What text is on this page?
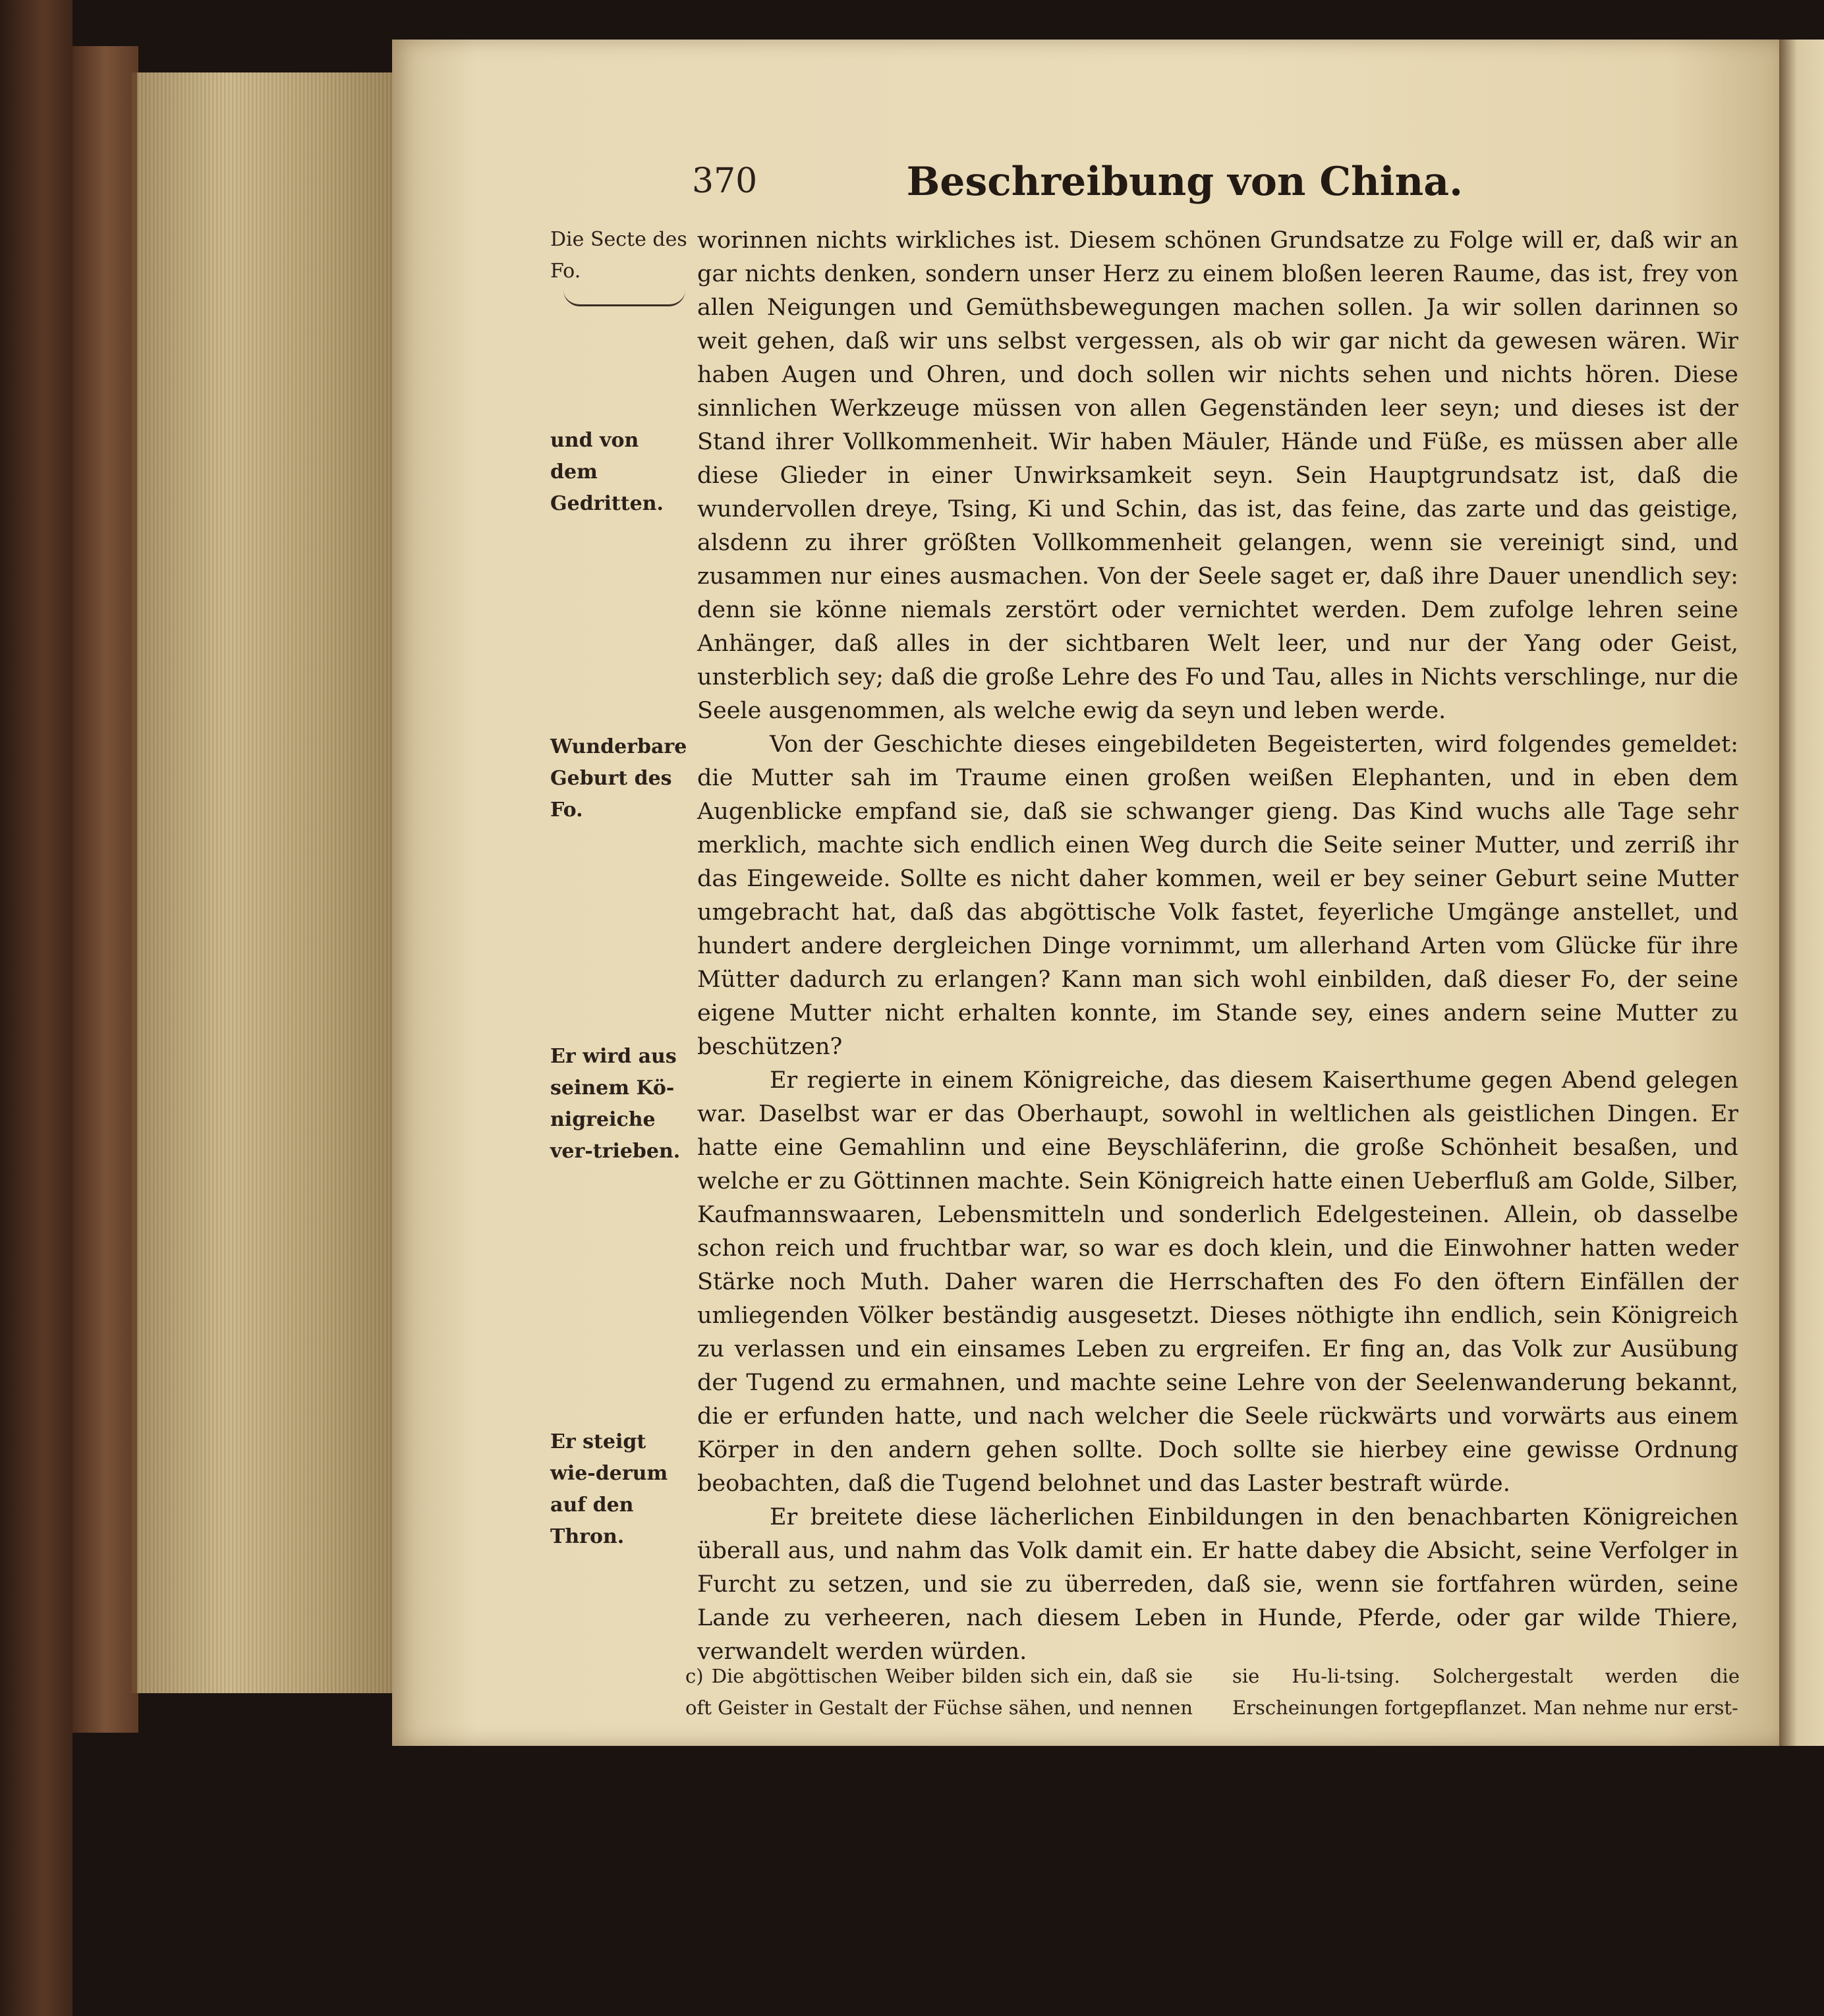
370	Beschreibung von China.
Die Secte des Fo.
und von dem Gedritten.
Wunderbare Geburt des Fo.
Er wird aus seinem Kö-nigreiche ver-trieben.
Er steigt wie-derum auf den Thron.

worinnen nichts wirkliches ist. Diesem schönen Grundsatze zu Folge will er, daß wir an gar nichts denken, sondern unser Herz zu einem bloßen leeren Raume, das ist, frey von allen Neigungen und Gemüthsbewegungen machen sollen. Ja wir sollen darinnen so weit gehen, daß wir uns selbst vergessen, als ob wir gar nicht da gewesen wären. Wir haben Augen und Ohren, und doch sollen wir nichts sehen und nichts hören. Diese sinnlichen Werkzeuge müssen von allen Gegenständen leer seyn; und dieses ist der Stand ihrer Vollkommenheit. Wir haben Mäuler, Hände und Füße, es müssen aber alle diese Glieder in einer Unwirksamkeit seyn. Sein Hauptgrundsatz ist, daß die wundervollen dreye, Tsing, Ki und Schin, das ist, das feine, das zarte und das geistige, alsdenn zu ihrer größten Vollkommenheit gelangen, wenn sie vereinigt sind, und zusammen nur eines ausmachen. Von der Seele saget er, daß ihre Dauer unendlich sey: denn sie könne niemals zerstört oder vernichtet werden. Dem zufolge lehren seine Anhänger, daß alles in der sichtbaren Welt leer, und nur der Yang oder Geist, unsterblich sey; daß die große Lehre des Fo und Tau, alles in Nichts verschlinge, nur die Seele ausgenommen, als welche ewig da seyn und leben werde.

Von der Geschichte dieses eingebildeten Begeisterten, wird folgendes gemeldet: die Mutter sah im Traume einen großen weißen Elephanten, und in eben dem Augenblicke empfand sie, daß sie schwanger gieng. Das Kind wuchs alle Tage sehr merklich, machte sich endlich einen Weg durch die Seite seiner Mutter, und zerriß ihr das Eingeweide. Sollte es nicht daher kommen, weil er bey seiner Geburt seine Mutter umgebracht hat, daß das abgöttische Volk fastet, feyerliche Umgänge anstellet, und hundert andere dergleichen Dinge vornimmt, um allerhand Arten vom Glücke für ihre Mütter dadurch zu erlangen? Kann man sich wohl einbilden, daß dieser Fo, der seine eigene Mutter nicht erhalten konnte, im Stande sey, eines andern seine Mutter zu beschützen?

Er regierte in einem Königreiche, das diesem Kaiserthume gegen Abend gelegen war. Daselbst war er das Oberhaupt, sowohl in weltlichen als geistlichen Dingen. Er hatte eine Gemahlinn und eine Beyschläferinn, die große Schönheit besaßen, und welche er zu Göttinnen machte. Sein Königreich hatte einen Ueberfluß am Golde, Silber, Kaufmannswaaren, Lebensmitteln und sonderlich Edelgesteinen. Allein, ob dasselbe schon reich und fruchtbar war, so war es doch klein, und die Einwohner hatten weder Stärke noch Muth. Daher waren die Herrschaften des Fo den öftern Einfällen der umliegenden Völker beständig ausgesetzt. Dieses nöthigte ihn endlich, sein Königreich zu verlassen und ein einsames Leben zu ergreifen. Er fing an, das Volk zur Ausübung der Tugend zu ermahnen, und machte seine Lehre von der Seelenwanderung bekannt, die er erfunden hatte, und nach welcher die Seele rückwärts und vorwärts aus einem Körper in den andern gehen sollte. Doch sollte sie hierbey eine gewisse Ordnung beobachten, daß die Tugend belohnet und das Laster bestraft würde.

Er breitete diese lächerlichen Einbildungen in den benachbarten Königreichen überall aus, und nahm das Volk damit ein. Er hatte dabey die Absicht, seine Verfolger in Furcht zu setzen, und sie zu überreden, daß sie, wenn sie fortfahren würden, seine Lande zu verheeren, nach diesem Leben in Hunde, Pferde, oder gar wilde Thiere, verwandelt werden würden.

c) Die abgöttischen Weiber bilden sich ein, daß sie oft Geister in Gestalt der Füchse sähen, und nennen sie Hu-li-tsing. Solchergestalt werden die Erscheinungen fortgepflanzet. Man nehme nur erst-
